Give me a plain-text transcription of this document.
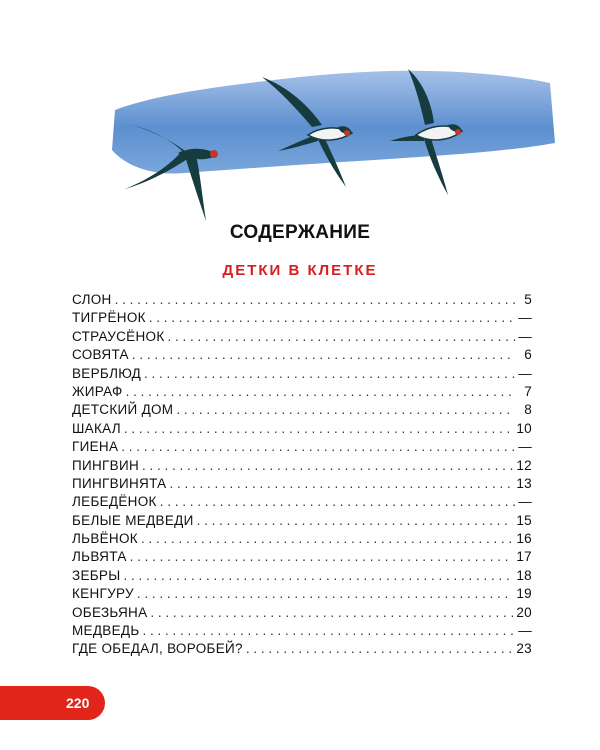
СОДЕРЖАНИЕ
ДЕТКИ В КЛЕТКЕ
СЛОН . . .	5
ТИГРЁНОК . . .	—
СТРАУСЁНОК . . .	—
СОВЯТА . . .	6
ВЕРБЛЮД . . .	—
ЖИРАФ . . .	7
ДЕТСКИЙ ДОМ . . .	8
ШАКАЛ . . .	10
ГИЕНА . . .	—
ПИНГВИН . . .	12
ПИНГВИНЯТА . . .	13
ЛЕБЕДЁНОК . . .	—
БЕЛЫЕ МЕДВЕДИ . . .	15
ЛЬВЁНОК . . .	16
ЛЬВЯТА . . .	17
ЗЕБРЫ . . .	18
КЕНГУРУ . . .	19
ОБЕЗЬЯНА . . .	20
МЕДВЕДЬ . . .	—
ГДЕ ОБЕДАЛ, ВОРОБЕЙ? . . .	23
220
